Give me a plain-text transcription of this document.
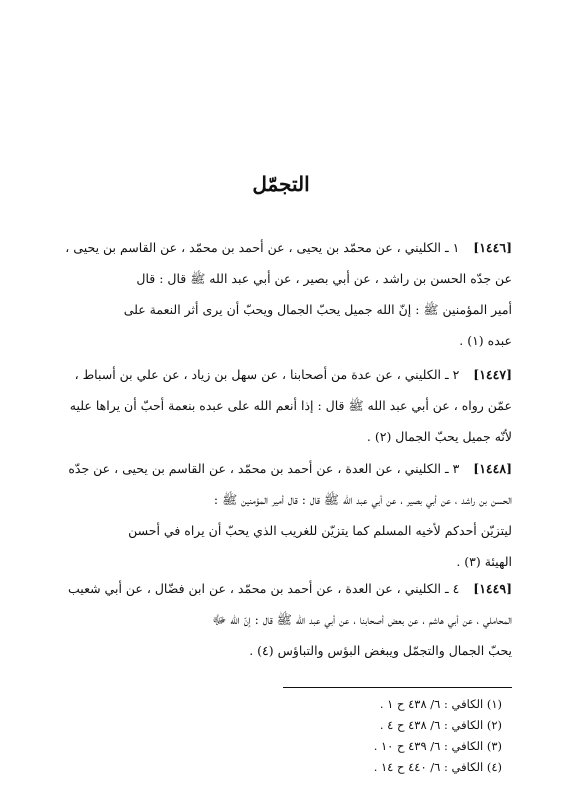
التجمّل
[١٤٤٦] ١ ـ الكليني ، عن محمّد بن يحيى ، عن أحمد بن محمّد ، عن القاسم بن يحيى ،
عن جدّه الحسن بن راشد ، عن أبي بصير ، عن أبي عبد الله ﷺ قال : قال
أمير المؤمنين ﷺ : إنّ الله جميل يحبّ الجمال ويحبّ أن يرى أثر النعمة على
عبده (١) .
[١٤٤٧] ٢ ـ الكليني ، عن عدة من أصحابنا ، عن سهل بن زياد ، عن علي بن أسباط ،
عمّن رواه ، عن أبي عبد الله ﷺ قال : إذا أنعم الله على عبده بنعمة أحبّ أن يراها عليه
لأنّه جميل يحبّ الجمال (٢) .
[١٤٤٨] ٣ ـ الكليني ، عن العدة ، عن أحمد بن محمّد ، عن القاسم بن يحيى ، عن جدّه
الحسن بن راشد ، عن أبي بصير ، عن أبي عبد الله ﷺ قال : قال أمير المؤمنين ﷺ :
ليتزيّن أحدكم لأخيه المسلم كما يتزيّن للغريب الذي يحبّ أن يراه في أحسن
الهيئة (٣) .
[١٤٤٩] ٤ ـ الكليني ، عن العدة ، عن أحمد بن محمّد ، عن ابن فضّال ، عن أبي شعيب
المحاملي ، عن أبي هاشم ، عن بعض أصحابنا ، عن أبي عبد الله ﷺ قال : إنّ الله ﷻ
يحبّ الجمال والتجمّل ويبغض البؤس والتباؤس (٤) .
(١) الكافي : ٦/ ٤٣٨ ح ١ .
(٢) الكافي : ٦/ ٤٣٨ ح ٤ .
(٣) الكافي : ٦/ ٤٣٩ ح ١٠ .
(٤) الكافي : ٦/ ٤٤٠ ح ١٤ .
